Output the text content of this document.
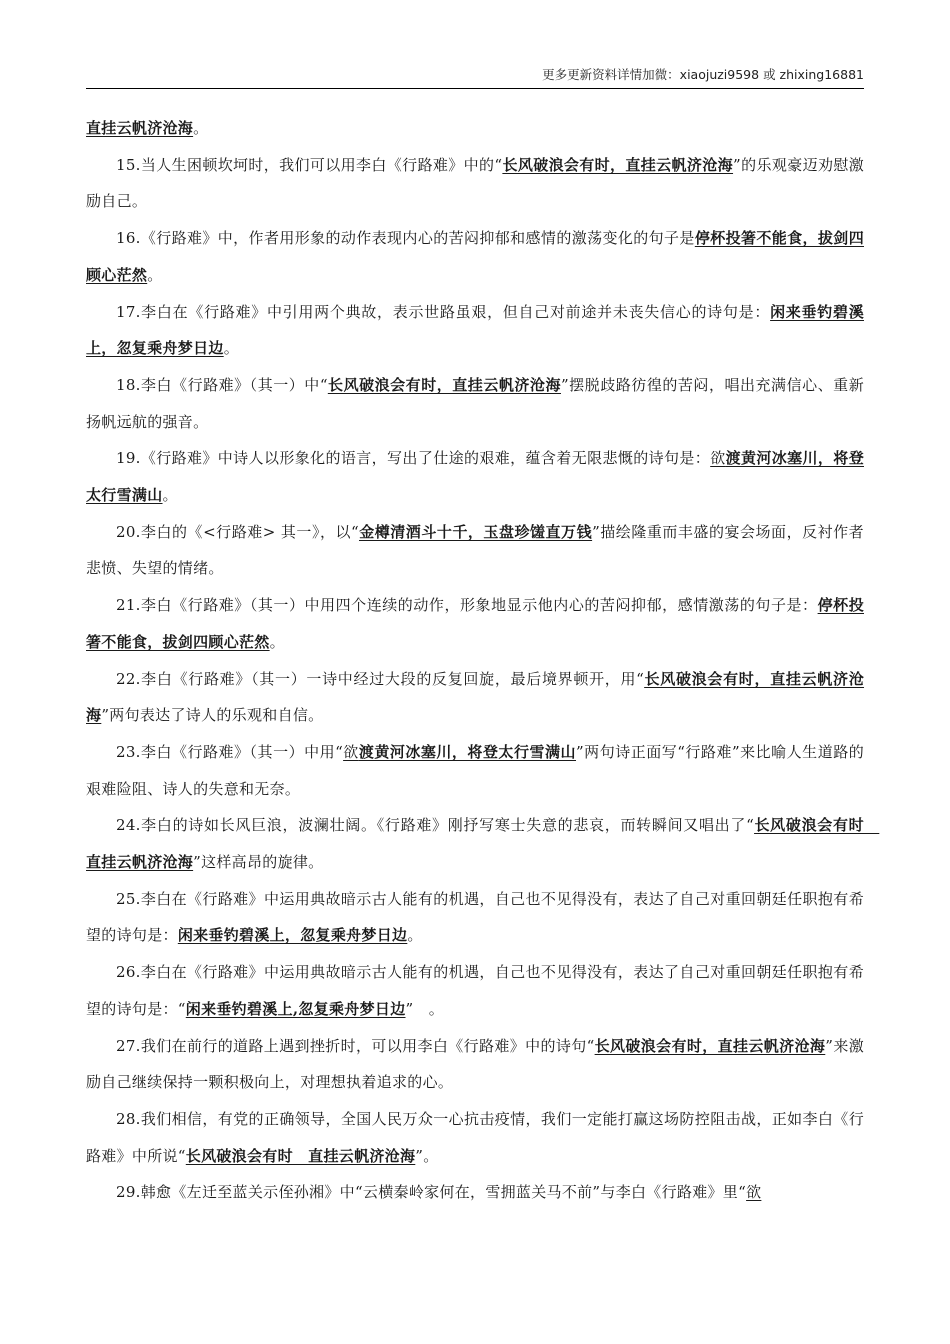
更多更新资料详情加微：xiaojuzi9598 或 zhixing16881

直挂云帆济沧海。

15.当人生困顿坎坷时，我们可以用李白《行路难》中的“长风破浪会有时，直挂云帆济沧海”的乐观豪迈劝慰激励自己。

16.《行路难》中，作者用形象的动作表现内心的苦闷抑郁和感情的激荡变化的句子是停杯投箸不能食，拔剑四顾心茫然。

17.李白在《行路难》中引用两个典故，表示世路虽艰，但自己对前途并未丧失信心的诗句是：闲来垂钓碧溪上，忽复乘舟梦日边。

18.李白《行路难》（其一）中“长风破浪会有时，直挂云帆济沧海”摆脱歧路彷徨的苦闷，唱出充满信心、重新扬帆远航的强音。

19.《行路难》中诗人以形象化的语言，写出了仕途的艰难，蕴含着无限悲慨的诗句是：欲渡黄河冰塞川，将登太行雪满山。

20.李白的《<行路难> 其一》，以“金樽清酒斗十千，玉盘珍馐直万钱”描绘隆重而丰盛的宴会场面，反衬作者悲愤、失望的情绪。

21.李白《行路难》（其一）中用四个连续的动作，形象地显示他内心的苦闷抑郁，感情激荡的句子是：停杯投箸不能食，拔剑四顾心茫然。

22.李白《行路难》（其一）一诗中经过大段的反复回旋，最后境界顿开，用“长风破浪会有时，直挂云帆济沧海”两句表达了诗人的乐观和自信。

23.李白《行路难》（其一）中用“欲渡黄河冰塞川，将登太行雪满山”两句诗正面写“行路难”来比喻人生道路的艰难险阻、诗人的失意和无奈。

24.李白的诗如长风巨浪，波澜壮阔。《行路难》刚抒写寒士失意的悲哀，而转瞬间又唱出了“长风破浪会有时　直挂云帆济沧海”这样高昂的旋律。

25.李白在《行路难》中运用典故暗示古人能有的机遇，自己也不见得没有，表达了自己对重回朝廷任职抱有希望的诗句是：闲来垂钓碧溪上，忽复乘舟梦日边。

26.李白在《行路难》中运用典故暗示古人能有的机遇，自己也不见得没有，表达了自己对重回朝廷任职抱有希望的诗句是：“闲来垂钓碧溪上,忽复乘舟梦日边”　。

27.我们在前行的道路上遇到挫折时，可以用李白《行路难》中的诗句“长风破浪会有时，直挂云帆济沧海”来激励自己继续保持一颗积极向上，对理想执着追求的心。

28.我们相信，有党的正确领导，全国人民万众一心抗击疫情，我们一定能打赢这场防控阻击战，正如李白《行路难》中所说“长风破浪会有时　直挂云帆济沧海”。

29.韩愈《左迁至蓝关示侄孙湘》中“云横秦岭家何在，雪拥蓝关马不前”与李白《行路难》里“欲
